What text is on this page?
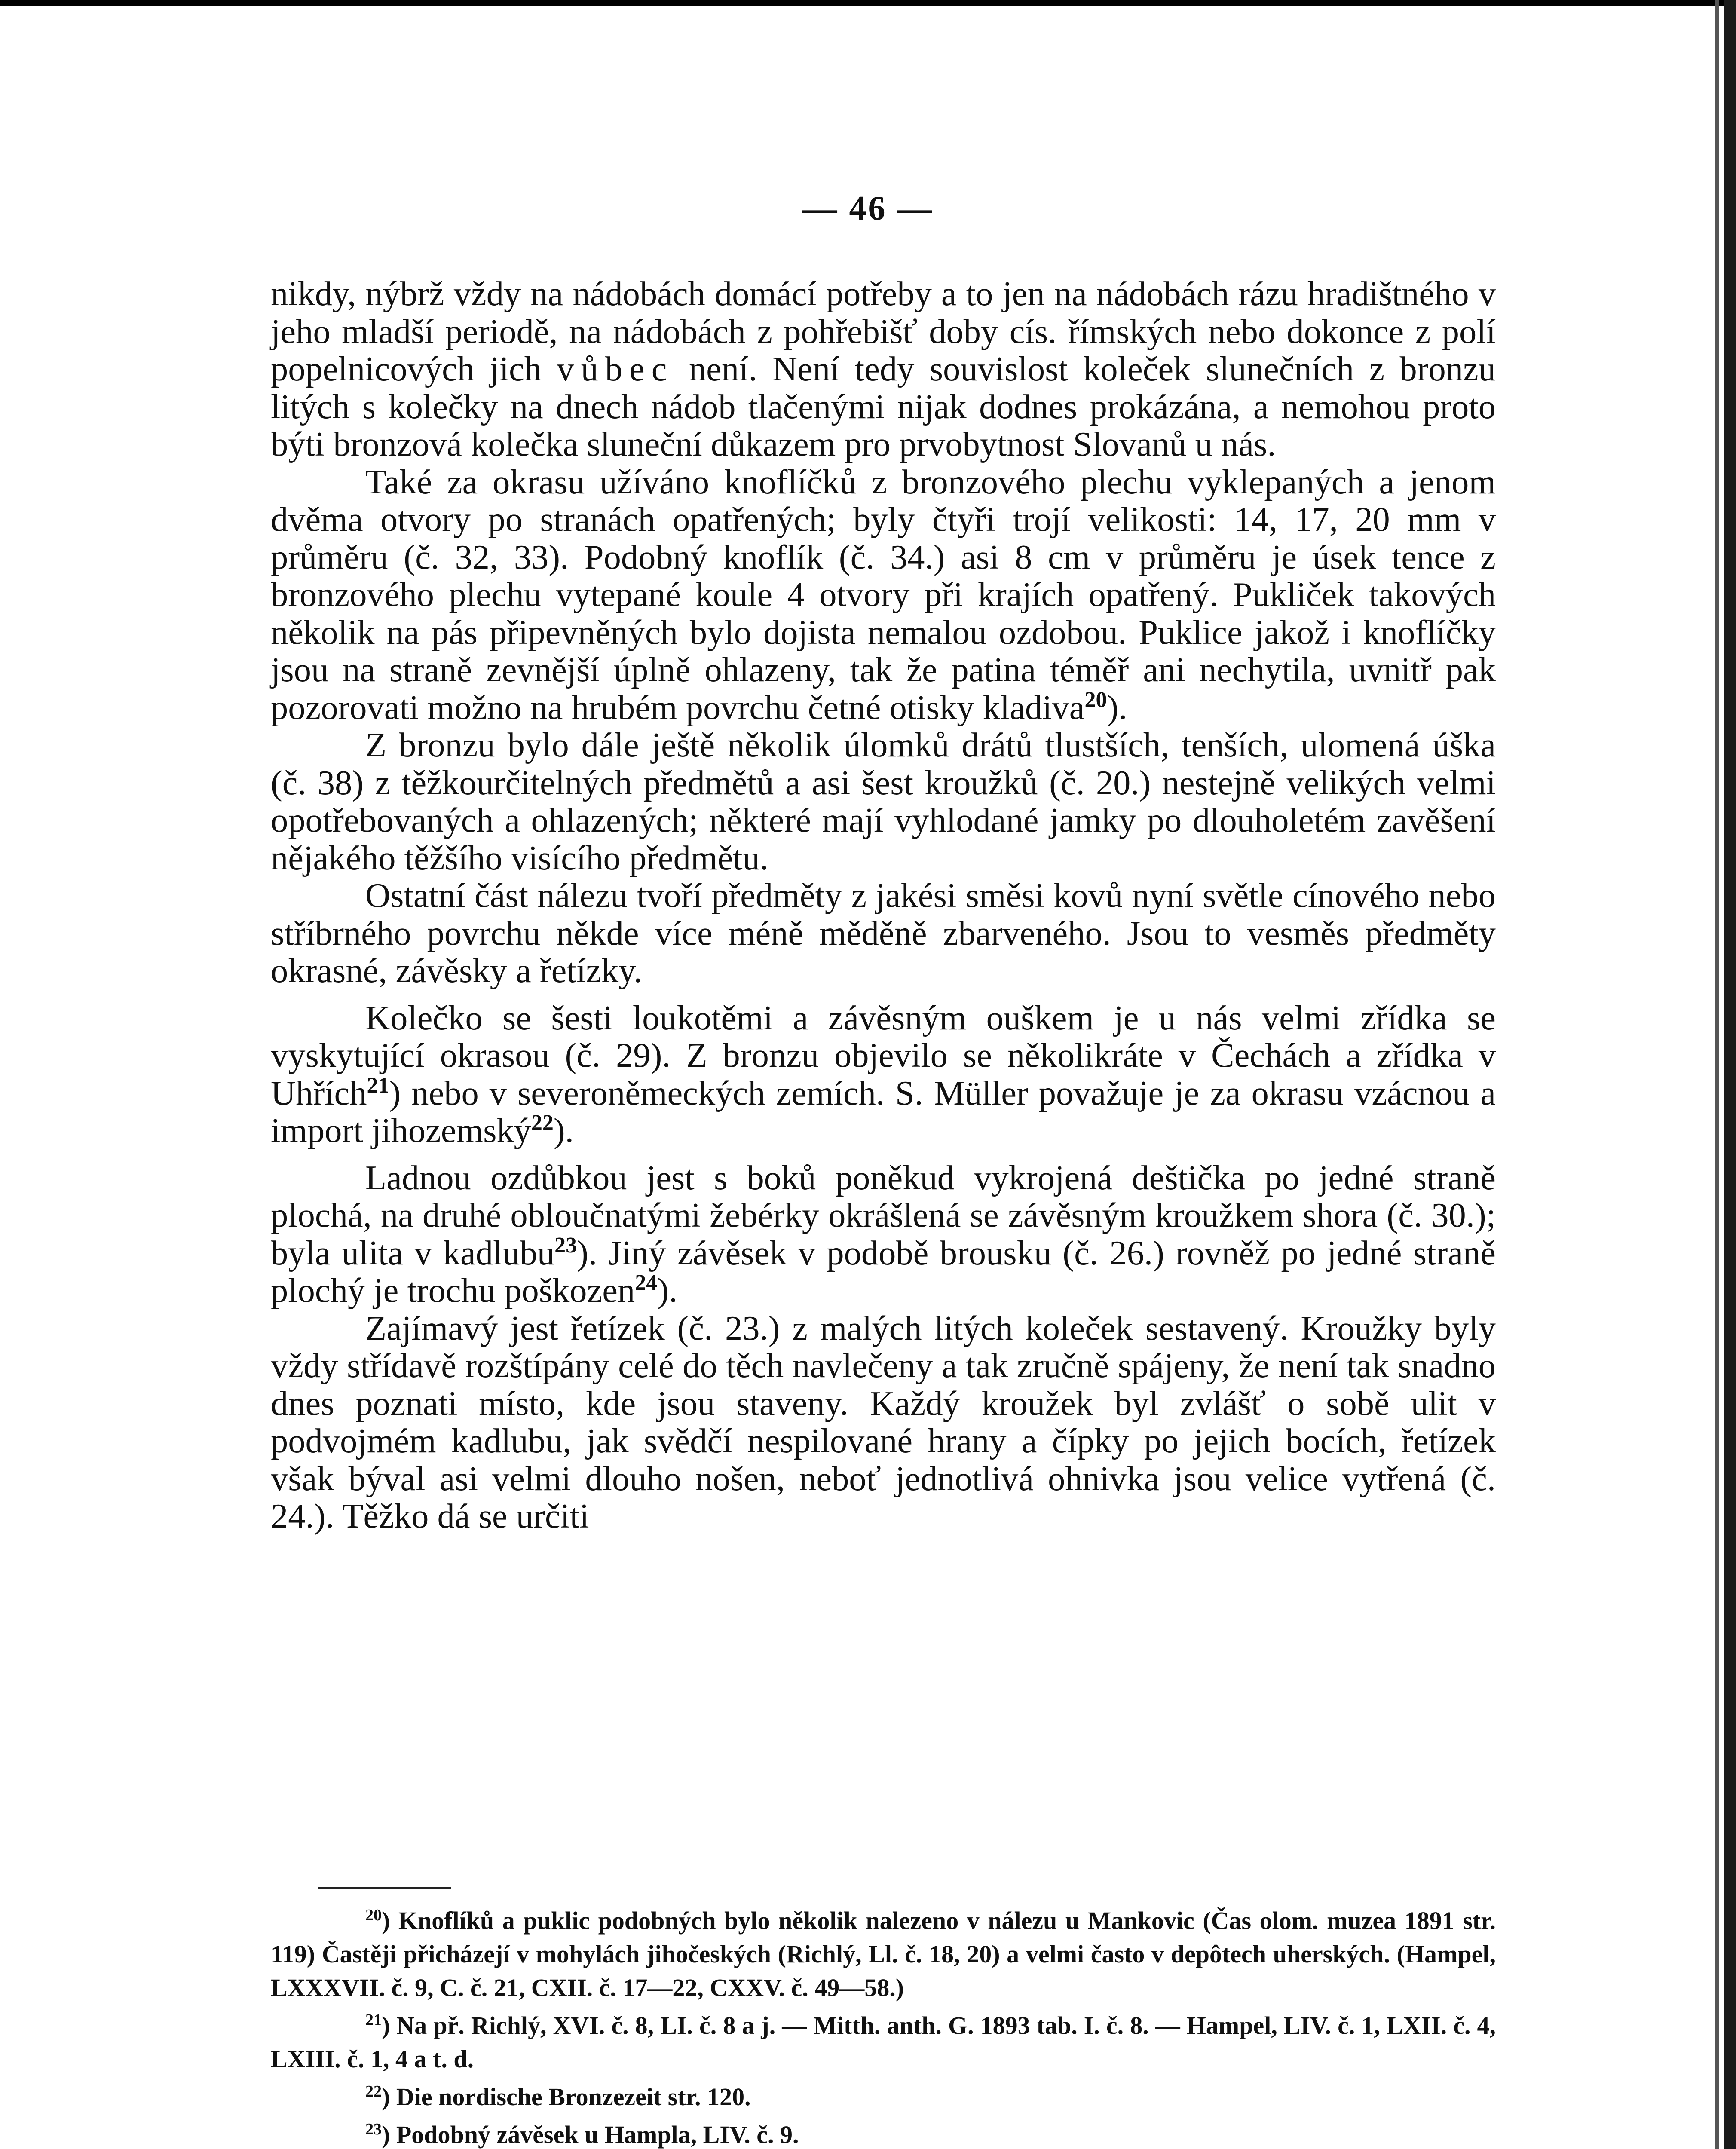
— 46 —

nikdy, nýbrž vždy na nádobách domácí potřeby a to jen na nádobách rázu hradištného v jeho mladší periodě, na nádobách z pohřebišť doby cís. římských nebo dokonce z polí popelnicových jich vůbec není. Není tedy souvislost koleček slunečních z bronzu litých s kolečky na dnech nádob tlačenými nijak dodnes prokázána, a nemohou proto býti bronzová kolečka sluneční důkazem pro prvobytnost Slovanů u nás.

Také za okrasu užíváno knoflíčků z bronzového plechu vyklepaných a jenom dvěma otvory po stranách opatřených; byly čtyři trojí velikosti: 14, 17, 20 mm v průměru (č. 32, 33). Podobný knoflík (č. 34.) asi 8 cm v průměru je úsek tence z bronzového plechu vytepané koule 4 otvory při krajích opatřený. Pukliček takových několik na pás připevněných bylo dojista nemalou ozdobou. Puklice jakož i knoflíčky jsou na straně zevnější úplně ohlazeny, tak že patina téměř ani nechytila, uvnitř pak pozorovati možno na hrubém povrchu četné otisky kladiva$^{20}$).

Z bronzu bylo dále ještě několik úlomků drátů tlustších, tenších, ulomená úška (č. 38) z těžkourčitelných předmětů a asi šest kroužků (č. 20.) nestejně velikých velmi opotřebovaných a ohlazených; některé mají vyhlodané jamky po dlouholetém zavěšení nějakého těžšího visícího předmětu.

Ostatní část nálezu tvoří předměty z jakési směsi kovů nyní světle cínového nebo stříbrného povrchu někde více méně měděně zbarveného. Jsou to vesměs předměty okrasné, závěsky a řetízky.

Kolečko se šesti loukotěmi a závěsným ouškem je u nás velmi zřídka se vyskytující okrasou (č. 29). Z bronzu objevilo se několikráte v Čechách a zřídka v Uhřích$^{21}$) nebo v severoněmeckých zemích. S. Müller považuje je za okrasu vzácnou a import jihozemský$^{22}$).

Ladnou ozdůbkou jest s boků poněkud vykrojená deštička po jedné straně plochá, na druhé obloučnatými žebérky okrášlená se závěsným kroužkem shora (č. 30.); byla ulita v kadlubu$^{23}$). Jiný závěsek v podobě brousku (č. 26.) rovněž po jedné straně plochý je trochu poškozen$^{24}$).

Zajímavý jest řetízek (č. 23.) z malých litých koleček sestavený. Kroužky byly vždy střídavě rozštípány celé do těch navlečeny a tak zručně spájeny, že není tak snadno dnes poznati místo, kde jsou staveny. Každý kroužek byl zvlášť o sobě ulit v podvojmém kadlubu, jak svědčí nespilované hrany a čípky po jejich bocích, řetízek však býval asi velmi dlouho nošen, neboť jednotlivá ohnivka jsou velice vytřená (č. 24.). Těžko dá se určiti

$^{20}$) Knoflíků a puklic podobných bylo několik nalezeno v nálezu u Mankovic (Čas olom. muzea 1891 str. 119) Častěji přicházejí v mohylách jihočeských (Richlý, Ll. č. 18, 20) a velmi často v depôtech uherských. (Hampel, LXXXVII. č. 9, C. č. 21, CXII. č. 17—22, CXXV. č. 49—58.)

$^{21}$) Na př. Richlý, XVI. č. 8, LI. č. 8 a j. — Mitth. anth. G. 1893 tab. I. č. 8. — Hampel, LIV. č. 1, LXII. č. 4, LXIII. č. 1, 4 a t. d.

$^{22}$) Die nordische Bronzezeit str. 120.

$^{23}$) Podobný závěsek u Hampla, LIV. č. 9.
